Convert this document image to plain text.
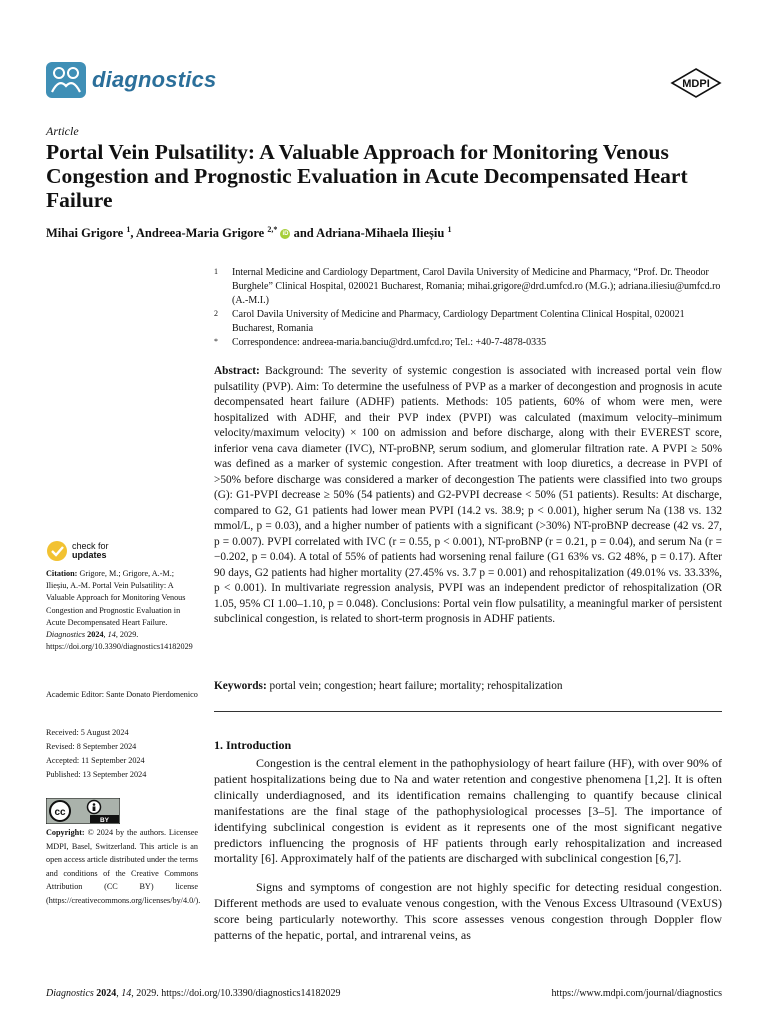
diagnostics	MDPI
Article
Portal Vein Pulsatility: A Valuable Approach for Monitoring Venous Congestion and Prognostic Evaluation in Acute Decompensated Heart Failure
Mihai Grigore $^1$, Andreea-Maria Grigore $^{2,*}$ iD and Adriana-Mihaela Ilieșiu $^1$
1	Internal Medicine and Cardiology Department, Carol Davila University of Medicine and Pharmacy, “Prof. Dr. Theodor Burghele” Clinical Hospital, 020021 Bucharest, Romania; mihai.grigore@drd.umfcd.ro (M.G.); adriana.iliesiu@umfcd.ro (A.-M.I.)
2	Carol Davila University of Medicine and Pharmacy, Cardiology Department Colentina Clinical Hospital, 020021 Bucharest, Romania
*	Correspondence: andreea-maria.banciu@drd.umfcd.ro; Tel.: +40-7-4878-0335

Abstract: Background: The severity of systemic congestion is associated with increased portal vein flow pulsatility (PVP). Aim: To determine the usefulness of PVP as a marker of decongestion and prognosis in acute decompensated heart failure (ADHF) patients. Methods: 105 patients, 60% of whom were men, were hospitalized with ADHF, and their PVP index (PVPI) was calculated (maximum velocity–minimum velocity/maximum velocity) × 100 on admission and before discharge, along with their EVEREST score, inferior vena cava diameter (IVC), NT-proBNP, serum sodium, and glomerular filtration rate. A PVPI ≥ 50% was defined as a marker of systemic congestion. After treatment with loop diuretics, a decrease in PVPI of >50% before discharge was considered a marker of decongestion The patients were classified into two groups (G): G1-PVPI decrease ≥ 50% (54 patients) and G2-PVPI decrease < 50% (51 patients). Results: At discharge, compared to G2, G1 patients had lower mean PVPI (14.2 vs. 38.9; p < 0.001), higher serum Na (138 vs. 132 mmol/L, p = 0.03), and a higher number of patients with a significant (>30%) NT-proBNP decrease (42 vs. 27, p = 0.007). PVPI correlated with IVC (r = 0.55, p < 0.001), NT-proBNP (r = 0.21, p = 0.04), and serum Na (r = −0.202, p = 0.04). A total of 55% of patients had worsening renal failure (G1 63% vs. G2 48%, p = 0.17). After 90 days, G2 patients had higher mortality (27.45% vs. 3.7 p = 0.001) and rehospitalization (49.01% vs. 33.33%, p < 0.001). In multivariate regression analysis, PVPI was an independent predictor of rehospitalization (OR 1.05, 95% CI 1.00–1.10, p = 0.048). Conclusions: Portal vein flow pulsatility, a meaningful marker of persistent subclinical congestion, is related to short-term prognosis in ADHF patients.

Keywords: portal vein; congestion; heart failure; mortality; rehospitalization

check for
updates

Citation: Grigore, M.; Grigore, A.-M.; Ilieșiu, A.-M. Portal Vein Pulsatility: A Valuable Approach for Monitoring Venous Congestion and Prognostic Evaluation in Acute Decompensated Heart Failure. Diagnostics 2024, 14, 2029. https://doi.org/10.3390/diagnostics14182029

Academic Editor: Sante Donato Pierdomenico
Received: 5 August 2024
Revised: 8 September 2024
Accepted: 11 September 2024
Published: 13 September 2024
cc
BY

Copyright: © 2024 by the authors. Licensee MDPI, Basel, Switzerland. This article is an open access article distributed under the terms and conditions of the Creative Commons Attribution (CC BY) license (https://creativecommons.org/licenses/by/4.0/).

1. Introduction

Congestion is the central element in the pathophysiology of heart failure (HF), with over 90% of patient hospitalizations being due to Na and water retention and congestive phenomena [1,2]. It is often clinically underdiagnosed, and its identification remains challenging to quantify because clinical manifestations are the final stage of the pathophysiological processes [3–5]. The importance of identifying subclinical congestion is evident as it represents one of the most significant negative predictors influencing the prognosis of HF patients through early rehospitalization and increased mortality [6]. Approximately half of the patients are discharged with subclinical congestion [6,7].

Signs and symptoms of congestion are not highly specific for detecting residual congestion. Different methods are used to evaluate venous congestion, with the Venous Excess Ultrasound (VExUS) score being particularly noteworthy. This score assesses venous congestion through Doppler flow patterns of the hepatic, portal, and intrarenal veins, as

Diagnostics 2024, 14, 2029. https://doi.org/10.3390/diagnostics14182029	https://www.mdpi.com/journal/diagnostics
